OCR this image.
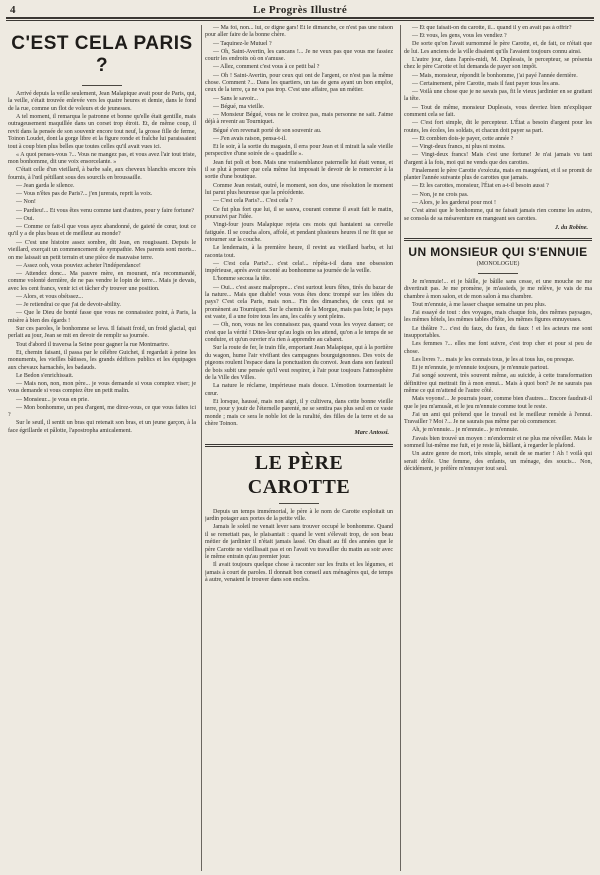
4	Le Progrès Illustré
C'EST CELA PARIS ?

Arrivé depuis la veille seulement, Jean Malapique avait pour de Paris, qui, la veille, s'était trouvée enlevée vers les quatre heures et demie, dans le fond de la rue, comme un flot de voleurs et de jeunesses.

A tel moment, il remarqua le patronne et bonne qu'elle était gentille, mais outrageusement maquillée dans un corset trop étroit. Et, de même coup, il revit dans la pensée de son souvenir encore tout neuf, la grosse fille de ferme, Toinon Loudet, dont la gorge libre et la figure ronde et fraîche lui paraissaient tout à coup bien plus belles que toutes celles qu'il avait vues ici.

« A quoi penses-vous ?... Vous ne mangez pas, et vous avez l'air tout triste, mon bonhomme, dit une voix ensorcelante. »

C'était celle d'un vieillard, à barbe sale, aux cheveux blanchis encore très fournis, à l'œil pétillant sous des sourcils en broussaille.

— Jean garda le silence.

— Vous n'êtes pas de Paris?... j'en jurerais, reprit la voix.

— Non!

— Pardieu!... Et vous êtes venu comme tant d'autres, pour y faire fortune?

— Oui.

— Comme ce fait-il que vous ayez abandonné, de gaieté de cœur, tout ce qu'il y a de plus beau et de meilleur au monde?

— C'est une histoire assez sombre, dit Jean, en rougissant. Depuis le vieillard, exerçait un commencement de sympathie. Mes parents sont morts... on me laissait un petit terrain et une pièce de mauvaise terre.

— Assez ooh, vous pouviez acheter l'indépendance!

— Attendez donc... Ma pauvre mère, en mourant, m'a recommandé, comme volonté dernière, de ne pas vendre le lopin de terre... Mais je devais, avec les cent francs, venir ici et tâcher d'y trouver une position.

— Alors, et vous obéissez...

— Je retiendrai ce que j'ai de devoir-ability.

— Que le Dieu de bonté fasse que vous ne connaissiez point, à Paris, la misère à bien des égards !

Sur ces paroles, le bonhomme se leva. Il faisait froid, un froid glacial, qui perlait au jour, Jean se mit en devoir de remplir sa journée.

Tout d'abord il traversa la Seine pour gagner la rue Montmartre.

Et, chemin faisant, il passa par le célèbre Guichet, il regardait à peine les monuments, les vieilles bâtisses, les grands édifices publics et les équipages aux chevaux harnachés, les badauds.

Le Bedon s'enrichissait.

— Mais non, non, mon père... je vous demande si vous comptez viser; je vous demande si vous comptez être un petit malin.

— Monsieur... je vous en prie.

— Mon bonhomme, un peu d'argent, me direz-vous, ce que vous faites ici ?

Sur le seuil, il sentit un bras qui retenait son bras, et un jeune garçon, à la face égrillarde et pâlotte, l'apostropha amicalement.

— Ma foi, non... lui, ce digne gars! Et le dimanche, ce n'est pas une raison pour aller faire de la bonne chère.

— Taquinez-le Mutuel ?

— Oh, Saint-Avertin, les cancans !... Je ne veux pas que vous me fassiez courir les endroits où on s'amuse.

— Allez, comment c'est vous à ce petit bal ?

— Oh ! Saint-Avertin, pour ceux qui ont de l'argent, ce n'est pas la même chose. Comment ?... Dans les quartiers, un tas de gens ayant un bon emploi, ceux de la terre, ça ne va pas trop. C'est une affaire, pas un métier.

— Sans le savoir...

— Bégué, ma vieille.

— Monsieur Bégué, vous ne le croirez pas, mais personne ne sait. J'aime déjà à revenir au Tourniquet.

Bégué s'en revenait porté de son souvenir au.

— J'en avais raison, pensa-t-il.

Et le soir, à la sortie du magasin, il erra pour Jean et il mirait la sale vieille perspective d'une soirée de « quadrille ».

Jean fut poli et bon. Mais une vraisemblance paternelle lui était venue, et il se plut à penser que cela même lui imposait le devoir de le remercier à la sortie d'une boutique.

Comme Jean restait, outré, le moment, son dos, une résolution le moment lui parut plus heureuse que la précédente.

— C'est cela Paris?... C'est cela ?

Ce fut plus fort que lui, il se sauva, courant comme il avait fait le matin, poursuivi par l'idée.

Vingt-four jours Malapique rejeta ces mots qui hantaient sa cervelle fatiguée. Il se coucha alors, affolé, et pendant plusieurs heures il ne fit que se retourner sur la couche.

Le lendemain, à la première heure, il revint au vieillard barbu, et lui raconta tout.

— C'est cela Paris?... c'est cela!... répéta-t-il dans une obsession impérieuse, après avoir raconté au bonhomme sa journée de la veille.

L'homme secoua la tête.

— Oui... c'est assez malpropre... c'est surtout leurs fêtes, tirés du bazar de la nature... Mais que diable! vous vous êtes donc trompé sur les idées du pays? C'est cela Paris, mais non... Fin des dimanches, de ceux qui se promènent au Tourniquet. Sur le chemin de la Morgue, mais pas loin; le pays est vaste, il a une foire tous les ans, les cafés y sont pleins.

— Oh, non, vous ne les connaissez pas, quand vous les voyez danser; ce n'est que la vérité ! Dites-leur qu'au logis on les attend, qu'on a le temps de se conduire, et qu'un ouvrier n'a rien à apprendre au cabaret.

Sur la route de fer, le train file, emportant Jean Malapique, qui à la portière du wagon, hume l'air vivifiant des campagnes bourguignonnes. Des voix de pigeons roulent l'espace dans la ponctuation du convoi. Jean dans son fauteuil de bois subit une pensée qu'il veut respirer, à l'air pour toujours l'atmosphère de la Ville des Villes.

La nature le réclame, impérieuse mais douce. L'émotion tourmentait le cœur.

Et lorsque, haussé, mais non aigri, il y cultivera, dans cette bonne vieille terre, pour y jouir de l'éternelle parenté, ne se sentira pas plus seul en ce vaste monde ; mais ce sera le noble lot de la ruralité, des filles de la terre et de sa chère Toinon.

Marc Antossi.
LE PÈRE CAROTTE

Depuis un temps immémorial, le père à le nom de Carotte exploitait un jardin potager aux portes de la petite ville.

Jamais le soleil ne venait lever sans trouver occupé le bonhomme. Quand il se remettait pas, le plaisantait : quand le vent s'élevait trop, de son beau métier de jardinier il n'était jamais lassé. On disait au fil des années que le père Carotte ne vieillissait pas et on l'avait vu travailler du matin au soir avec le même entrain qu'au premier jour.

Il avait toujours quelque chose à raconter sur les fruits et les légumes, et jamais à court de paroles. Il donnait bon conseil aux ménagères qui, de temps à autre, venaient le trouver dans son enclos.

— Et que faisait-on du carotte, il... quand il y en avait pas à offrir?

— Et vous, les gens, vous les vendiez ?

De sorte qu'on l'avait surnommé le père Carotte, et, de fait, ce n'était que de lui. Les anciens de la ville disaient qu'ils l'avaient toujours connu ainsi.

L'autre jour, dans l'après-midi, M. Duplessis, le percepteur, se présenta chez le père Carotte et lui demanda de payer son impôt.

— Mais, monsieur, répondit le bonhomme, j'ai payé l'année dernière.

— Certainement, père Carotte, mais il faut payer tous les ans.

— Voilà une chose que je ne savais pas, fit le vieux jardinier en se grattant la tête.

— Tout de même, monsieur Duplessis, vous devriez bien m'expliquer comment cela se fait.

— C'est fort simple, dit le percepteur. L'État a besoin d'argent pour les routes, les écoles, les soldats, et chacun doit payer sa part.

— Et combien dois-je payer, cette année ?

— Vingt-deux francs, ni plus ni moins.

— Vingt-deux francs! Mais c'est une fortune! Je n'ai jamais vu tant d'argent à la fois, moi qui ne vends que des carottes.

Finalement le père Carotte s'exécuta, mais en maugréant, et il se promit de planter l'année suivante plus de carottes que jamais.

— Et les carottes, monsieur, l'État en a-t-il besoin aussi ?

— Non, je ne crois pas.

— Alors, je les garderai pour moi !

C'est ainsi que le bonhomme, qui ne faisait jamais rien comme les autres, se consola de sa mésaventure en mangeant ses carottes.

J. du Robine.
UN MONSIEUR QUI S'ENNUIE
(MONOLOGUE)

Je m'ennuie!... et je bâille, je bâille sans cesse, et une mouche ne me divertirait pas. Je me promène, je m'assieds, je me relève, je vais de ma chambre à mon salon, et de mon salon à ma chambre.

Tout m'ennuie, à me lasser chaque semaine un peu plus.

J'ai essayé de tout : des voyages, mais chaque fois, des mêmes paysages, les mêmes hôtels, les mêmes tables d'hôte, les mêmes figures ennuyeuses.

Le théâtre ?... c'est du faux, du faux, du faux ! et les acteurs me sont insupportables.

Les femmes ?... elles me font suivre, c'est trop cher et pour si peu de chose.

Les livres ?... mais je les connais tous, je les ai tous lus, ou presque.

Et je m'ennuie, je m'ennuie toujours, je m'ennuie partout.

J'ai songé souvent, très souvent même, au suicide, à cette transformation définitive qui mettrait fin à mon ennui... Mais à quoi bon? Je ne saurais pas même ce qui m'attend de l'autre côté.

Mais voyons!... Je pourrais jouer, comme bien d'autres... Encore faudrait-il que le jeu m'amusât, et le jeu m'ennuie comme tout le reste.

J'ai un ami qui prétend que le travail est le meilleur remède à l'ennui. Travailler ? Moi ?... Je ne saurais pas même par où commencer.

Ah, je m'ennuie... je m'ennuie... je m'ennuie.

J'avais bien trouvé un moyen : m'endormir et ne plus me réveiller. Mais le sommeil lui-même me fuit, et je reste là, bâillant, à regarder le plafond.

Un autre genre de mort, très simple, serait de se marier ! Ah ! voilà qui serait drôle. Une femme, des enfants, un ménage, des soucis... Non, décidément, je préfère m'ennuyer tout seul.
